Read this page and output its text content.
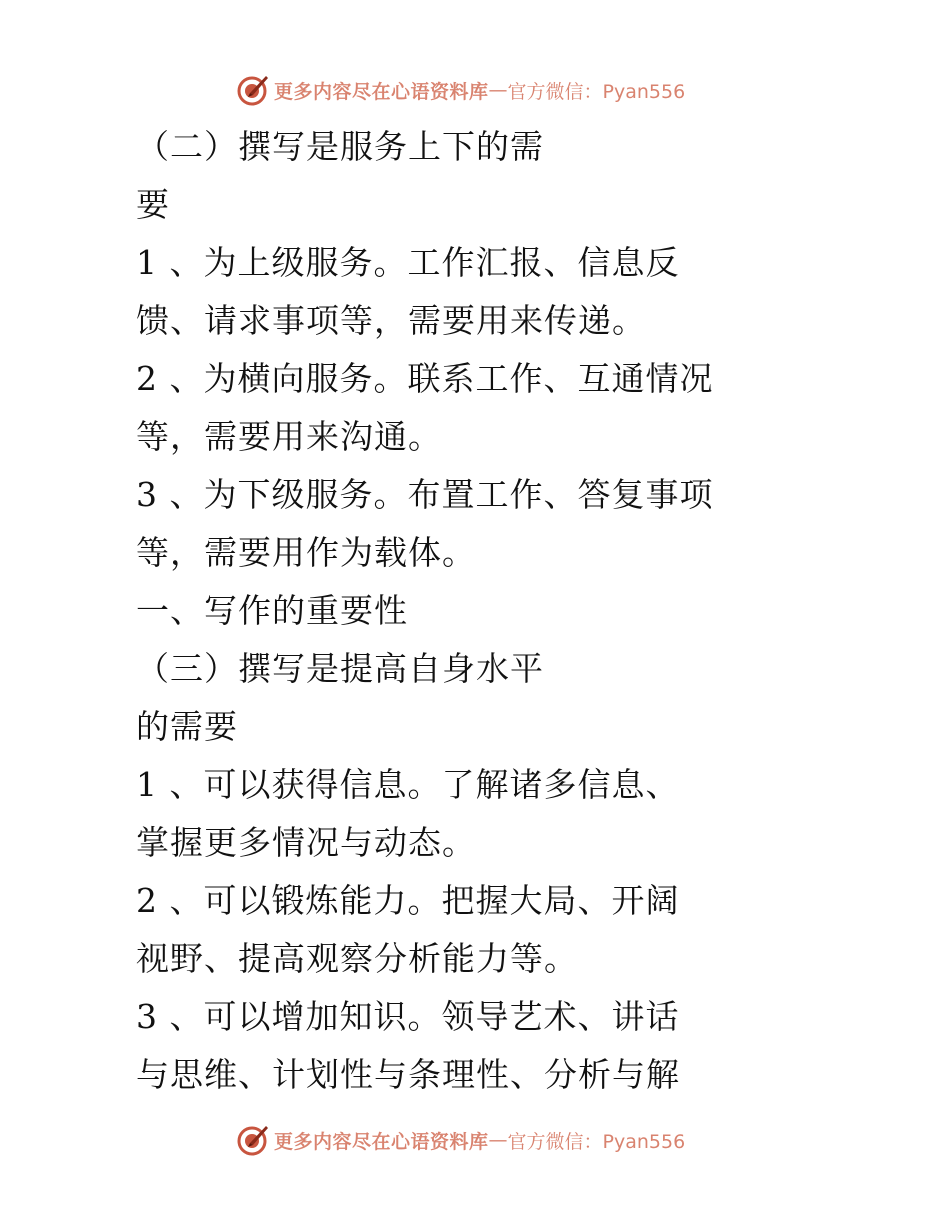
更多内容尽在心语资料库 — 官方微信：Pyan556
（二）撰写是服务上下的需
要
1 、为上级服务。工作汇报、信息反
馈、请求事项等，需要用来传递。
2 、为横向服务。联系工作、互通情况
等，需要用来沟通。
3 、为下级服务。布置工作、答复事项
等，需要用作为载体。
一、写作的重要性
（三）撰写是提高自身水平
的需要
1 、可以获得信息。了解诸多信息、
掌握更多情况与动态。
2 、可以锻炼能力。把握大局、开阔
视野、提高观察分析能力等。
3 、可以增加知识。领导艺术、讲话
与思维、计划性与条理性、分析与解
更多内容尽在心语资料库 — 官方微信：Pyan556
